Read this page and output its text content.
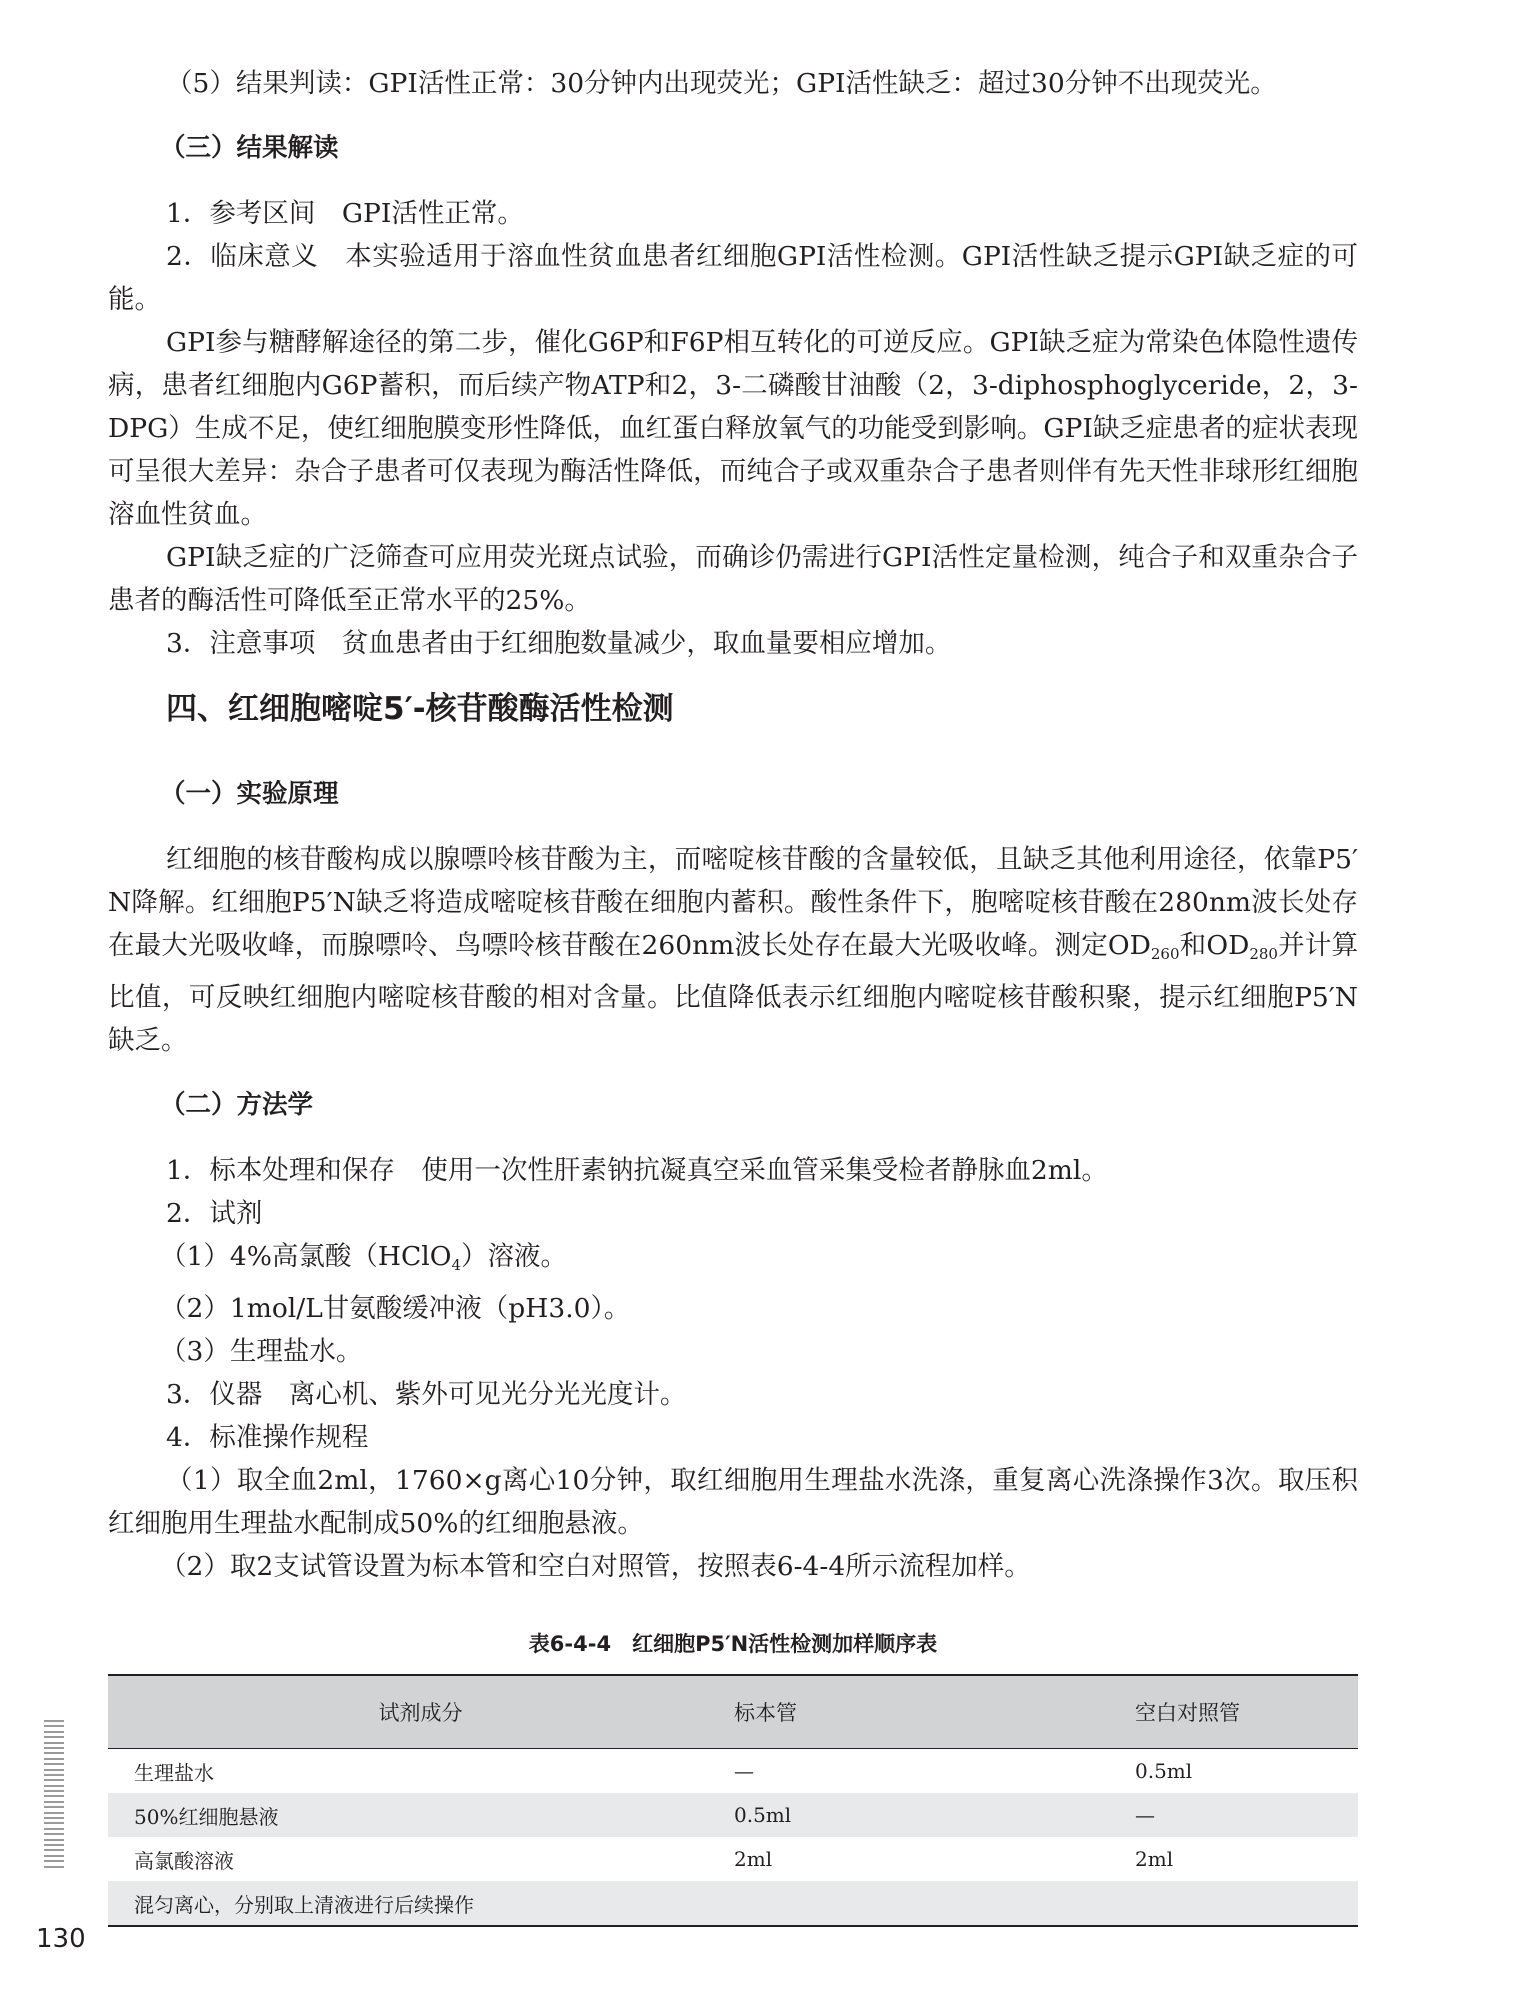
（5）结果判读：GPI活性正常：30分钟内出现荧光；GPI活性缺乏：超过30分钟不出现荧光。

（三）结果解读

1．参考区间　GPI活性正常。

2．临床意义　本实验适用于溶血性贫血患者红细胞GPI活性检测。GPI活性缺乏提示GPI缺乏症的可能。

GPI参与糖酵解途径的第二步，催化G6P和F6P相互转化的可逆反应。GPI缺乏症为常染色体隐性遗传病，患者红细胞内G6P蓄积，而后续产物ATP和2，3-二磷酸甘油酸（2，3-diphosphoglyceride，2，3-DPG）生成不足，使红细胞膜变形性降低，血红蛋白释放氧气的功能受到影响。GPI缺乏症患者的症状表现可呈很大差异：杂合子患者可仅表现为酶活性降低，而纯合子或双重杂合子患者则伴有先天性非球形红细胞溶血性贫血。

GPI缺乏症的广泛筛查可应用荧光斑点试验，而确诊仍需进行GPI活性定量检测，纯合子和双重杂合子患者的酶活性可降低至正常水平的25%。

3．注意事项　贫血患者由于红细胞数量减少，取血量要相应增加。

四、红细胞嘧啶5′-核苷酸酶活性检测
（一）实验原理

红细胞的核苷酸构成以腺嘌呤核苷酸为主，而嘧啶核苷酸的含量较低，且缺乏其他利用途径，依靠P5′N降解。红细胞P5′N缺乏将造成嘧啶核苷酸在细胞内蓄积。酸性条件下，胞嘧啶核苷酸在280nm波长处存在最大光吸收峰，而腺嘌呤、鸟嘌呤核苷酸在260nm波长处存在最大光吸收峰。测定$OD_{260}$和$OD_{280}$并计算比值，可反映红细胞内嘧啶核苷酸的相对含量。比值降低表示红细胞内嘧啶核苷酸积聚，提示红细胞P5′N缺乏。

（二）方法学

1．标本处理和保存　使用一次性肝素钠抗凝真空采血管采集受检者静脉血2ml。

2．试剂

（1）4%高氯酸（HClO$_4$）溶液。

（2）1mol/L甘氨酸缓冲液（pH3.0）。

（3）生理盐水。

3．仪器　离心机、紫外可见光分光光度计。

4．标准操作规程

（1）取全血2ml，1760×g离心10分钟，取红细胞用生理盐水洗涤，重复离心洗涤操作3次。取压积红细胞用生理盐水配制成50%的红细胞悬液。

（2）取2支试管设置为标本管和空白对照管，按照表6-4-4所示流程加样。

表6-4-4　红细胞P5′N活性检测加样顺序表
试剂成分	标本管	空白对照管
生理盐水	—	0.5ml
50%红细胞悬液	0.5ml	—
高氯酸溶液	2ml	2ml
混匀离心，分别取上清液进行后续操作		
130
